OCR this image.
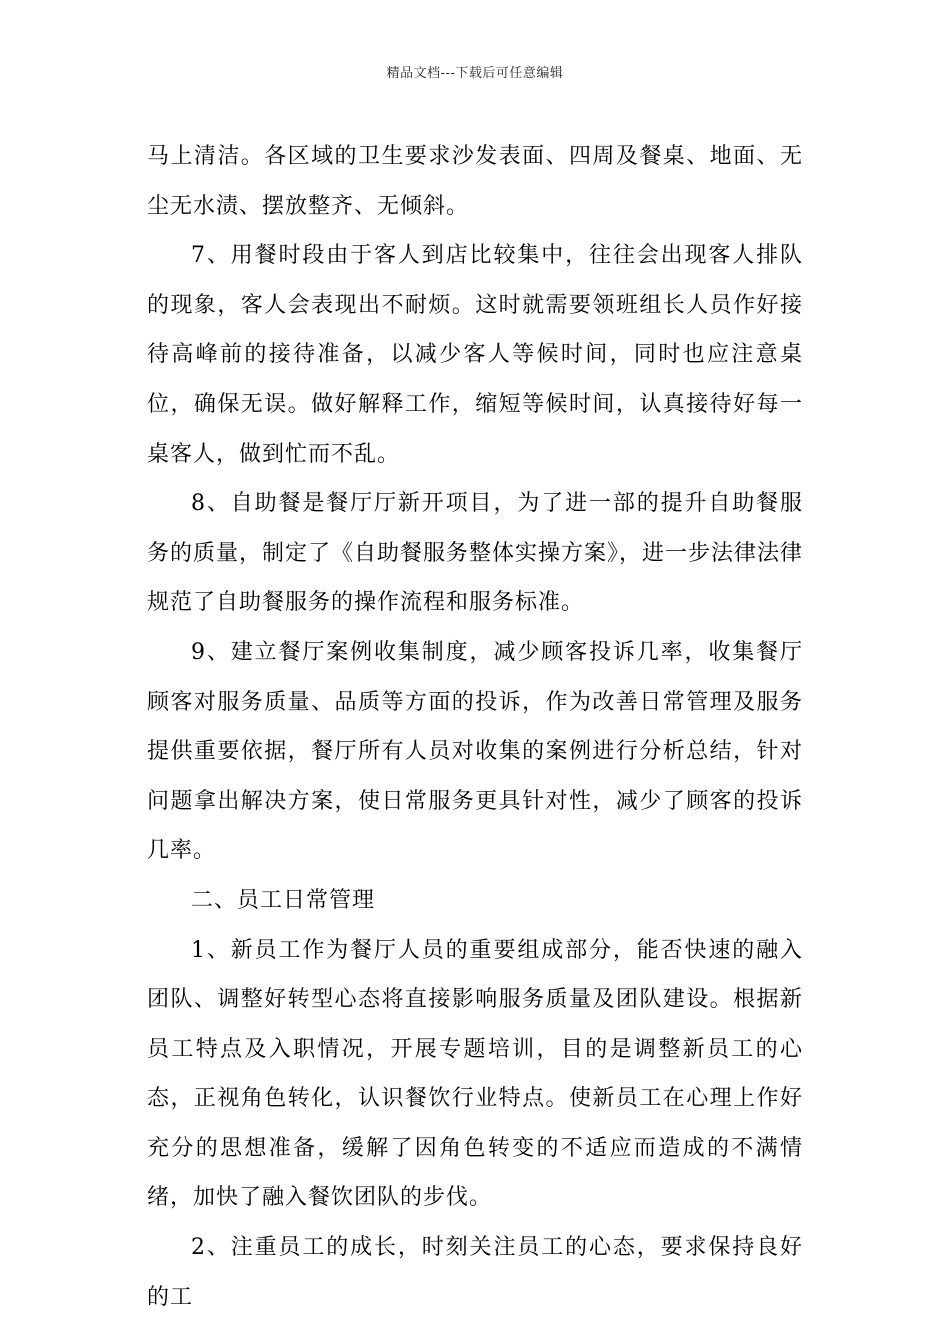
精品文档---下载后可任意编辑

马上清洁。各区域的卫生要求沙发表面、四周及餐桌、地面、无尘无水渍、摆放整齐、无倾斜。

7、用餐时段由于客人到店比较集中，往往会出现客人排队的现象，客人会表现出不耐烦。这时就需要领班组长人员作好接待高峰前的接待准备，以减少客人等候时间，同时也应注意桌位，确保无误。做好解释工作，缩短等候时间，认真接待好每一桌客人，做到忙而不乱。

8、自助餐是餐厅厅新开项目，为了进一部的提升自助餐服务的质量，制定了《自助餐服务整体实操方案》，进一步法律法律规范了自助餐服务的操作流程和服务标准。

9、建立餐厅案例收集制度，减少顾客投诉几率，收集餐厅顾客对服务质量、品质等方面的投诉，作为改善日常管理及服务提供重要依据，餐厅所有人员对收集的案例进行分析总结，针对问题拿出解决方案，使日常服务更具针对性，减少了顾客的投诉几率。

二、员工日常管理

1、新员工作为餐厅人员的重要组成部分，能否快速的融入团队、调整好转型心态将直接影响服务质量及团队建设。根据新员工特点及入职情况，开展专题培训，目的是调整新员工的心态，正视角色转化，认识餐饮行业特点。使新员工在心理上作好充分的思想准备，缓解了因角色转变的不适应而造成的不满情绪，加快了融入餐饮团队的步伐。

2、注重员工的成长，时刻关注员工的心态，要求保持良好的工
